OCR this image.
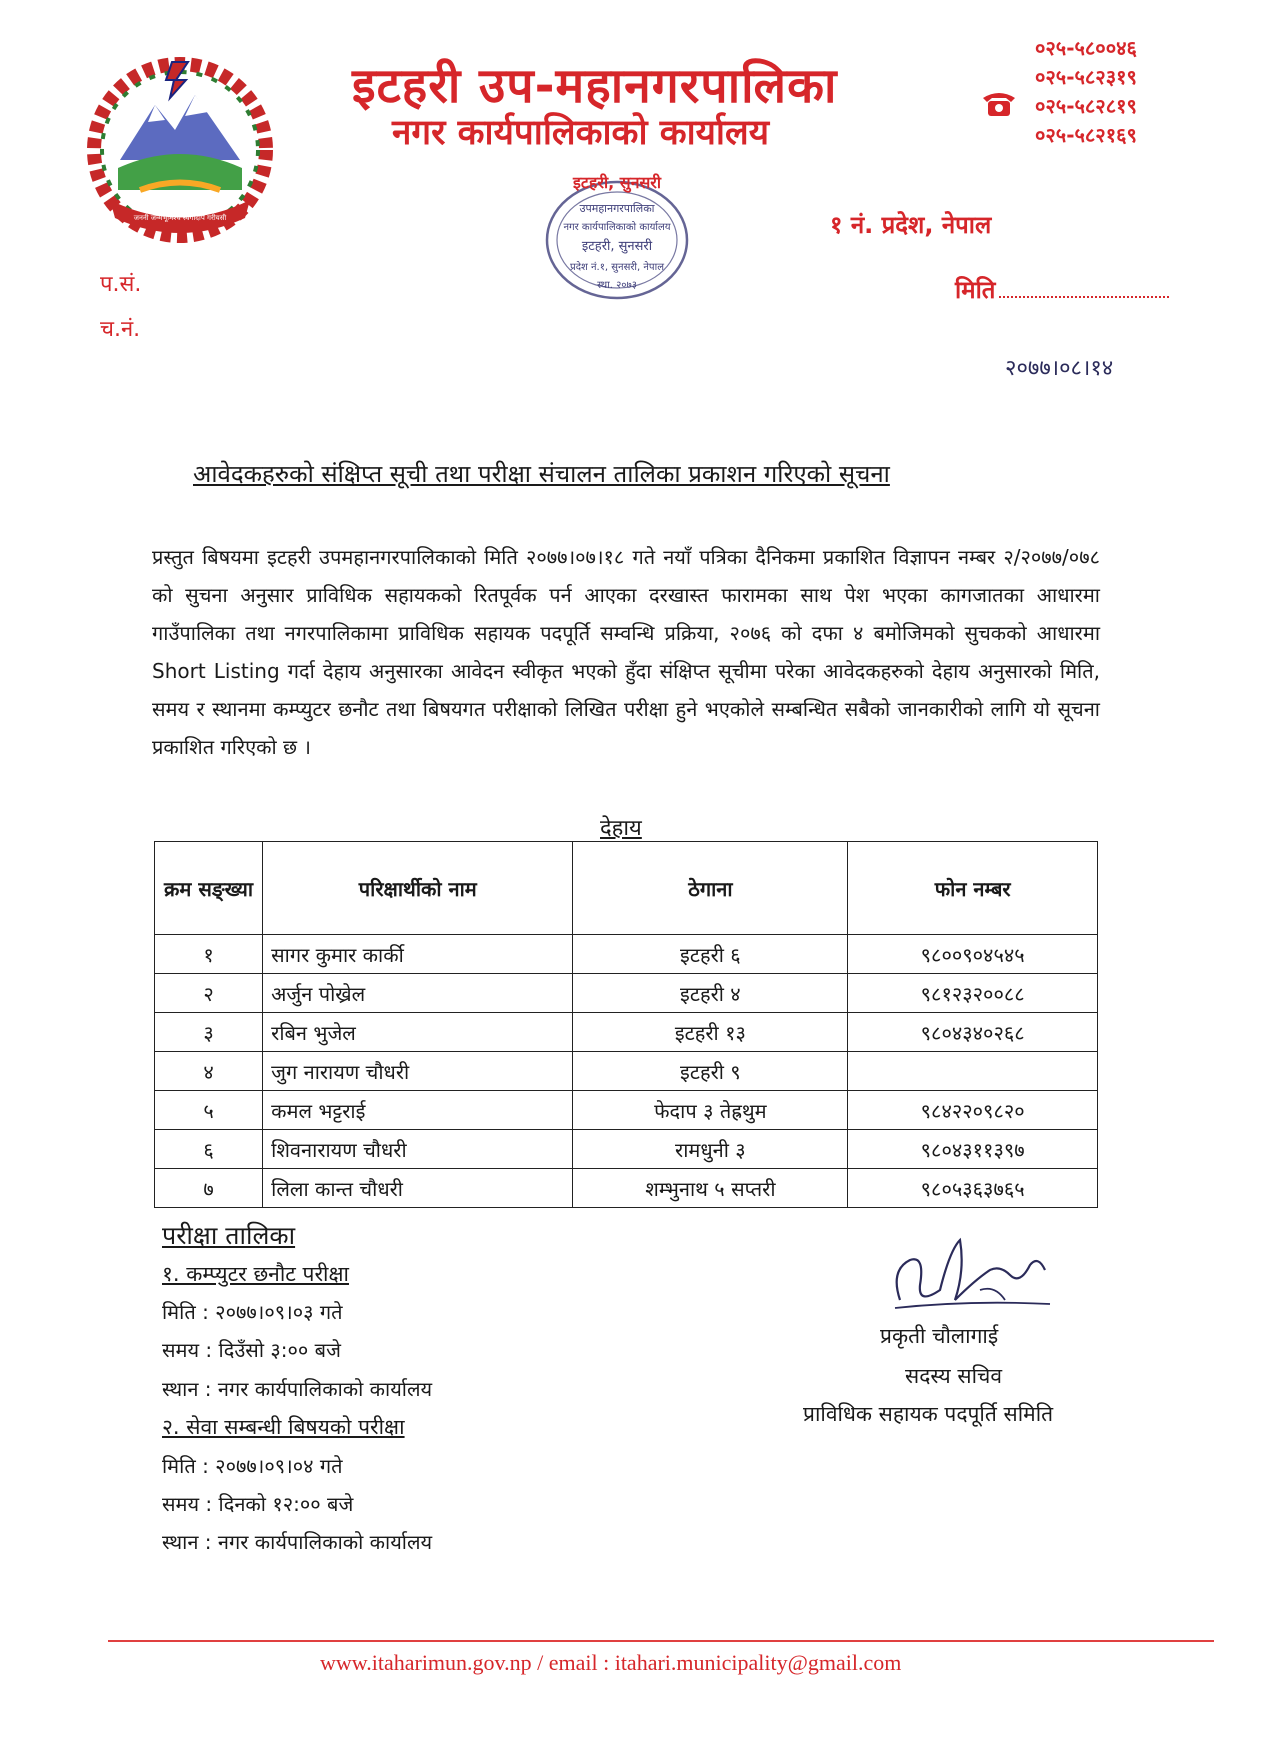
जननी जन्मभूमिश्च स्वर्गादपि गरीयसी
इटहरी उप-महानगरपालिका
नगर कार्यपालिकाको कार्यालय
०२५-५८००४६
०२५-५८२३१९
०२५-५८२८१९
०२५-५८२१६९
१ नं. प्रदेश, नेपाल
प.सं.
च.नं.
मिति
इटहरी, सुनसरी
उपमहानगरपालिका
नगर कार्यपालिकाको कार्यालय
इटहरी, सुनसरी
प्रदेश नं.१, सुनसरी, नेपाल
स्था. २०७३
२०७७।०८।१४
आवेदकहरुको संक्षिप्त सूची तथा परीक्षा संचालन तालिका प्रकाशन गरिएको सूचना
प्रस्तुत बिषयमा इटहरी उपमहानगरपालिकाको मिति २०७७।०७।१८ गते नयाँ पत्रिका दैनिकमा प्रकाशित विज्ञापन नम्बर २/२०७७/०७८ को सुचना अनुसार प्राविधिक सहायकको रितपूर्वक पर्न आएका दरखास्त फारामका साथ पेश भएका कागजातका आधारमा गाउँपालिका तथा नगरपालिकामा प्राविधिक सहायक पदपूर्ति सम्वन्धि प्रक्रिया, २०७६ को दफा ४ बमोजिमको सुचकको आधारमा Short Listing गर्दा देहाय अनुसारका आवेदन स्वीकृत भएको हुँदा संक्षिप्त सूचीमा परेका आवेदकहरुको देहाय अनुसारको मिति, समय र स्थानमा कम्प्युटर छनौट तथा बिषयगत परीक्षाको लिखित परीक्षा हुने भएकोले सम्बन्धित सबैको जानकारीको लागि यो सूचना प्रकाशित गरिएको छ ।
देहाय
क्रम सङ्ख्या	परिक्षार्थीको नाम	ठेगाना	फोन नम्बर
१	सागर कुमार कार्की	इटहरी ६	९८००९०४५४५
२	अर्जुन पोख्रेल	इटहरी ४	९८१२३२००८८
३	रबिन भुजेल	इटहरी १३	९८०४३४०२६८
४	जुग नारायण चौधरी	इटहरी ९	
५	कमल भट्टराई	फेदाप ३ तेह्रथुम	९८४२२०९८२०
६	शिवनारायण चौधरी	रामधुनी ३	९८०४३११३९७
७	लिला कान्त चौधरी	शम्भुनाथ ५ सप्तरी	९८०५३६३७६५
परीक्षा तालिका
१. कम्प्युटर छनौट परीक्षा
मिति : २०७७।०९।०३ गते
समय : दिउँसो ३:०० बजे
स्थान : नगर कार्यपालिकाको कार्यालय
२. सेवा सम्बन्धी बिषयको परीक्षा
मिति : २०७७।०९।०४ गते
समय : दिनको १२:०० बजे
स्थान : नगर कार्यपालिकाको कार्यालय
प्रकृती चौलागाई
सदस्य सचिव
प्राविधिक सहायक पदपूर्ति समिति
www.itaharimun.gov.np / email : itahari.municipality@gmail.com
